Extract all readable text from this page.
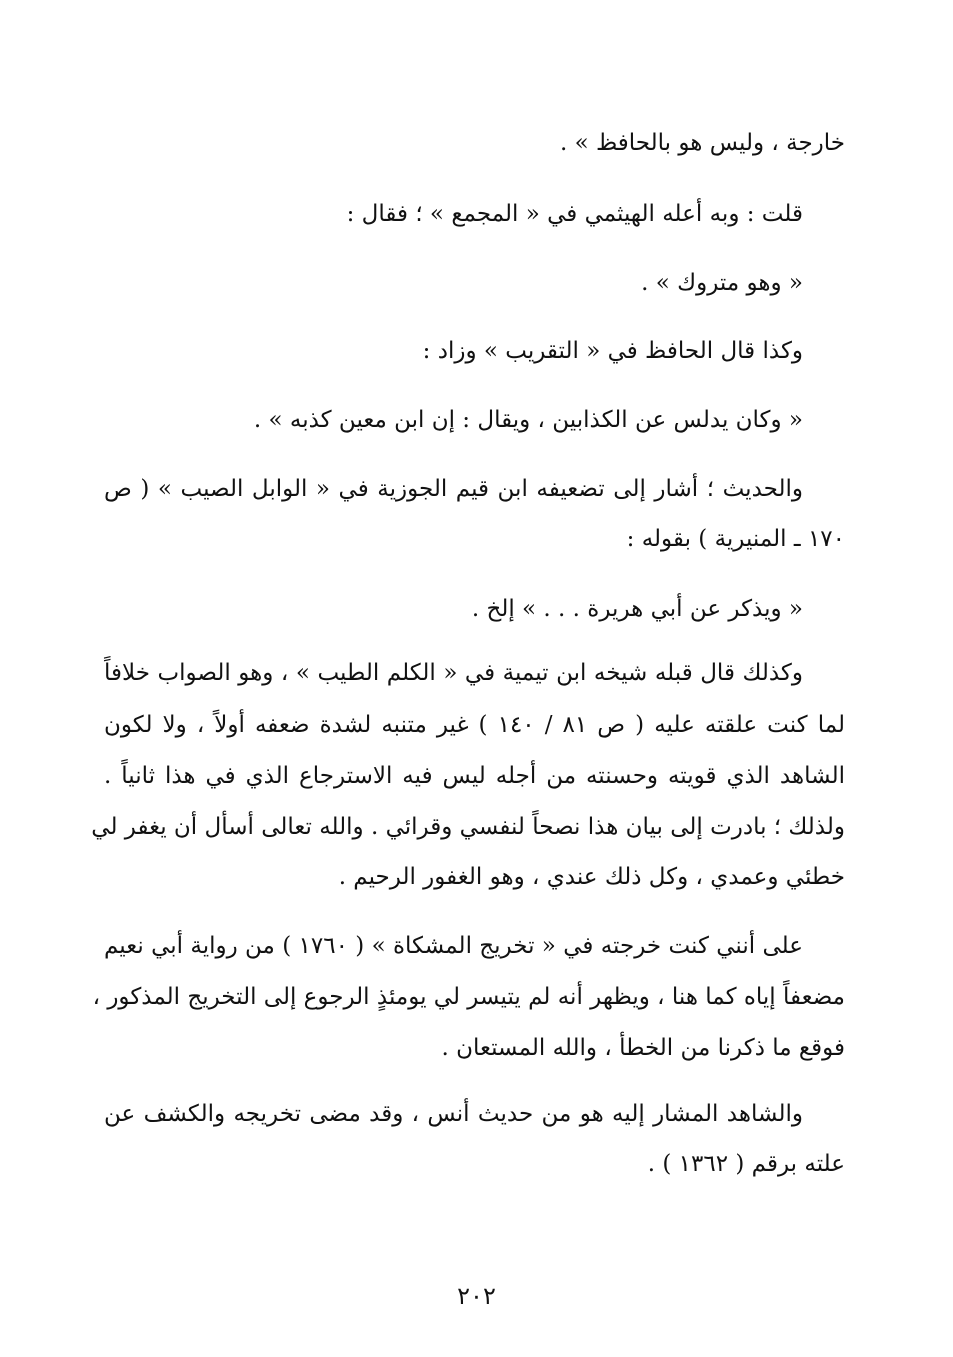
خارجة ، وليس هو بالحافظ » .
قلت : وبه أعله الهيثمي في « المجمع » ؛ فقال :
« وهو متروك » .
وكذا قال الحافظ في « التقريب » وزاد :
« وكان يدلس عن الكذابين ، ويقال : إن ابن معين كذبه » .
والحديث ؛ أشار إلى تضعيفه ابن قيم الجوزية في « الوابل الصيب » ( ص
١٧٠ ـ المنيرية ) بقوله :
« ويذكر عن أبي هريرة . . . » إلخ .
وكذلك قال قبله شيخه ابن تيمية في « الكلم الطيب » ، وهو الصواب خلافاً
لما كنت علقته عليه ( ص ٨١ / ١٤٠ ) غير متنبه لشدة ضعفه أولاً ، ولا لكون
الشاهد الذي قويته وحسنته من أجله ليس فيه الاسترجاع الذي في هذا ثانياً .
ولذلك ؛ بادرت إلى بيان هذا نصحاً لنفسي وقرائي . والله تعالى أسأل أن يغفر لي
خطئي وعمدي ، وكل ذلك عندي ، وهو الغفور الرحيم .
على أنني كنت خرجته في « تخريج المشكاة » ( ١٧٦٠ ) من رواية أبي نعيم
مضعفاً إياه كما هنا ، ويظهر أنه لم يتيسر لي يومئذٍ الرجوع إلى التخريج المذكور ،
فوقع ما ذكرنا من الخطأ ، والله المستعان .
والشاهد المشار إليه هو من حديث أنس ، وقد مضى تخريجه والكشف عن
علته برقم ( ١٣٦٢ ) .
٢٠٢
